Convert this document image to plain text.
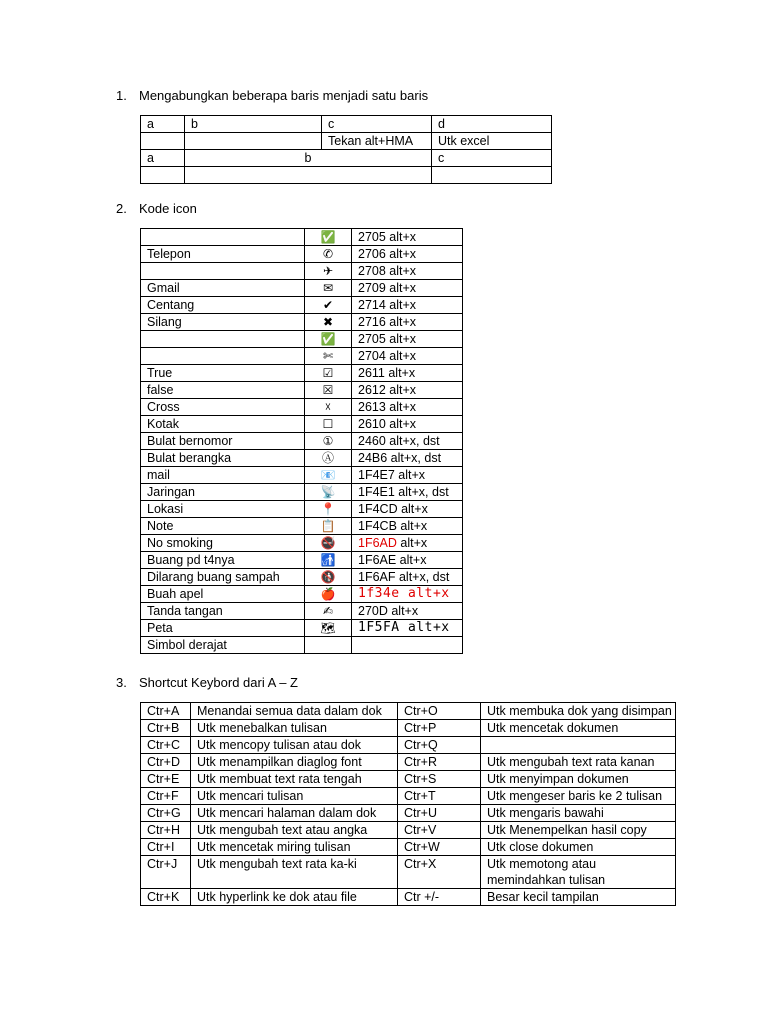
1. Mengabungkan beberapa baris menjadi satu baris
a	b	c	d
		Tekan alt+HMA	Utk excel
a	b		c

2. Kode icon
	✅	2705 alt+x
Telepon	✆	2706 alt+x
	✈	2708 alt+x
Gmail	✉	2709 alt+x
Centang	✔	2714 alt+x
Silang	✖	2716 alt+x
	✅	2705 alt+x
	✄	2704 alt+x
True	☑	2611 alt+x
false	☒	2612 alt+x
Cross	☓	2613 alt+x
Kotak	☐	2610 alt+x
Bulat bernomor	①	2460 alt+x, dst
Bulat berangka	Ⓐ	24B6 alt+x, dst
mail	📧	1F4E7 alt+x
Jaringan	📡	1F4E1 alt+x, dst
Lokasi	📍	1F4CD alt+x
Note	📋	1F4CB alt+x
No smoking	🚭	1F6AD alt+x
Buang pd t4nya	🚮	1F6AE alt+x
Dilarang buang sampah	🚯	1F6AF alt+x, dst
Buah apel	🍎	1f34e alt+x
Tanda tangan	✍	270D alt+x
Peta	🗺	1F5FA alt+x
Simbol derajat		
3. Shortcut Keybord dari A – Z
Ctr+A	Menandai semua data dalam dok	Ctr+O	Utk membuka dok yang disimpan
Ctr+B	Utk menebalkan tulisan	Ctr+P	Utk mencetak dokumen
Ctr+C	Utk mencopy tulisan atau dok	Ctr+Q	
Ctr+D	Utk menampilkan diaglog font	Ctr+R	Utk mengubah text rata kanan
Ctr+E	Utk membuat text rata tengah	Ctr+S	Utk menyimpan dokumen
Ctr+F	Utk mencari tulisan	Ctr+T	Utk mengeser baris ke 2 tulisan
Ctr+G	Utk mencari halaman dalam dok	Ctr+U	Utk mengaris bawahi
Ctr+H	Utk mengubah text atau angka	Ctr+V	Utk Menempelkan hasil copy
Ctr+I	Utk mencetak miring tulisan	Ctr+W	Utk close dokumen
Ctr+J	Utk mengubah text rata ka-ki	Ctr+X	Utk memotong atau memindahkan tulisan
Ctr+K	Utk hyperlink ke dok atau file	Ctr +/-	Besar kecil tampilan
